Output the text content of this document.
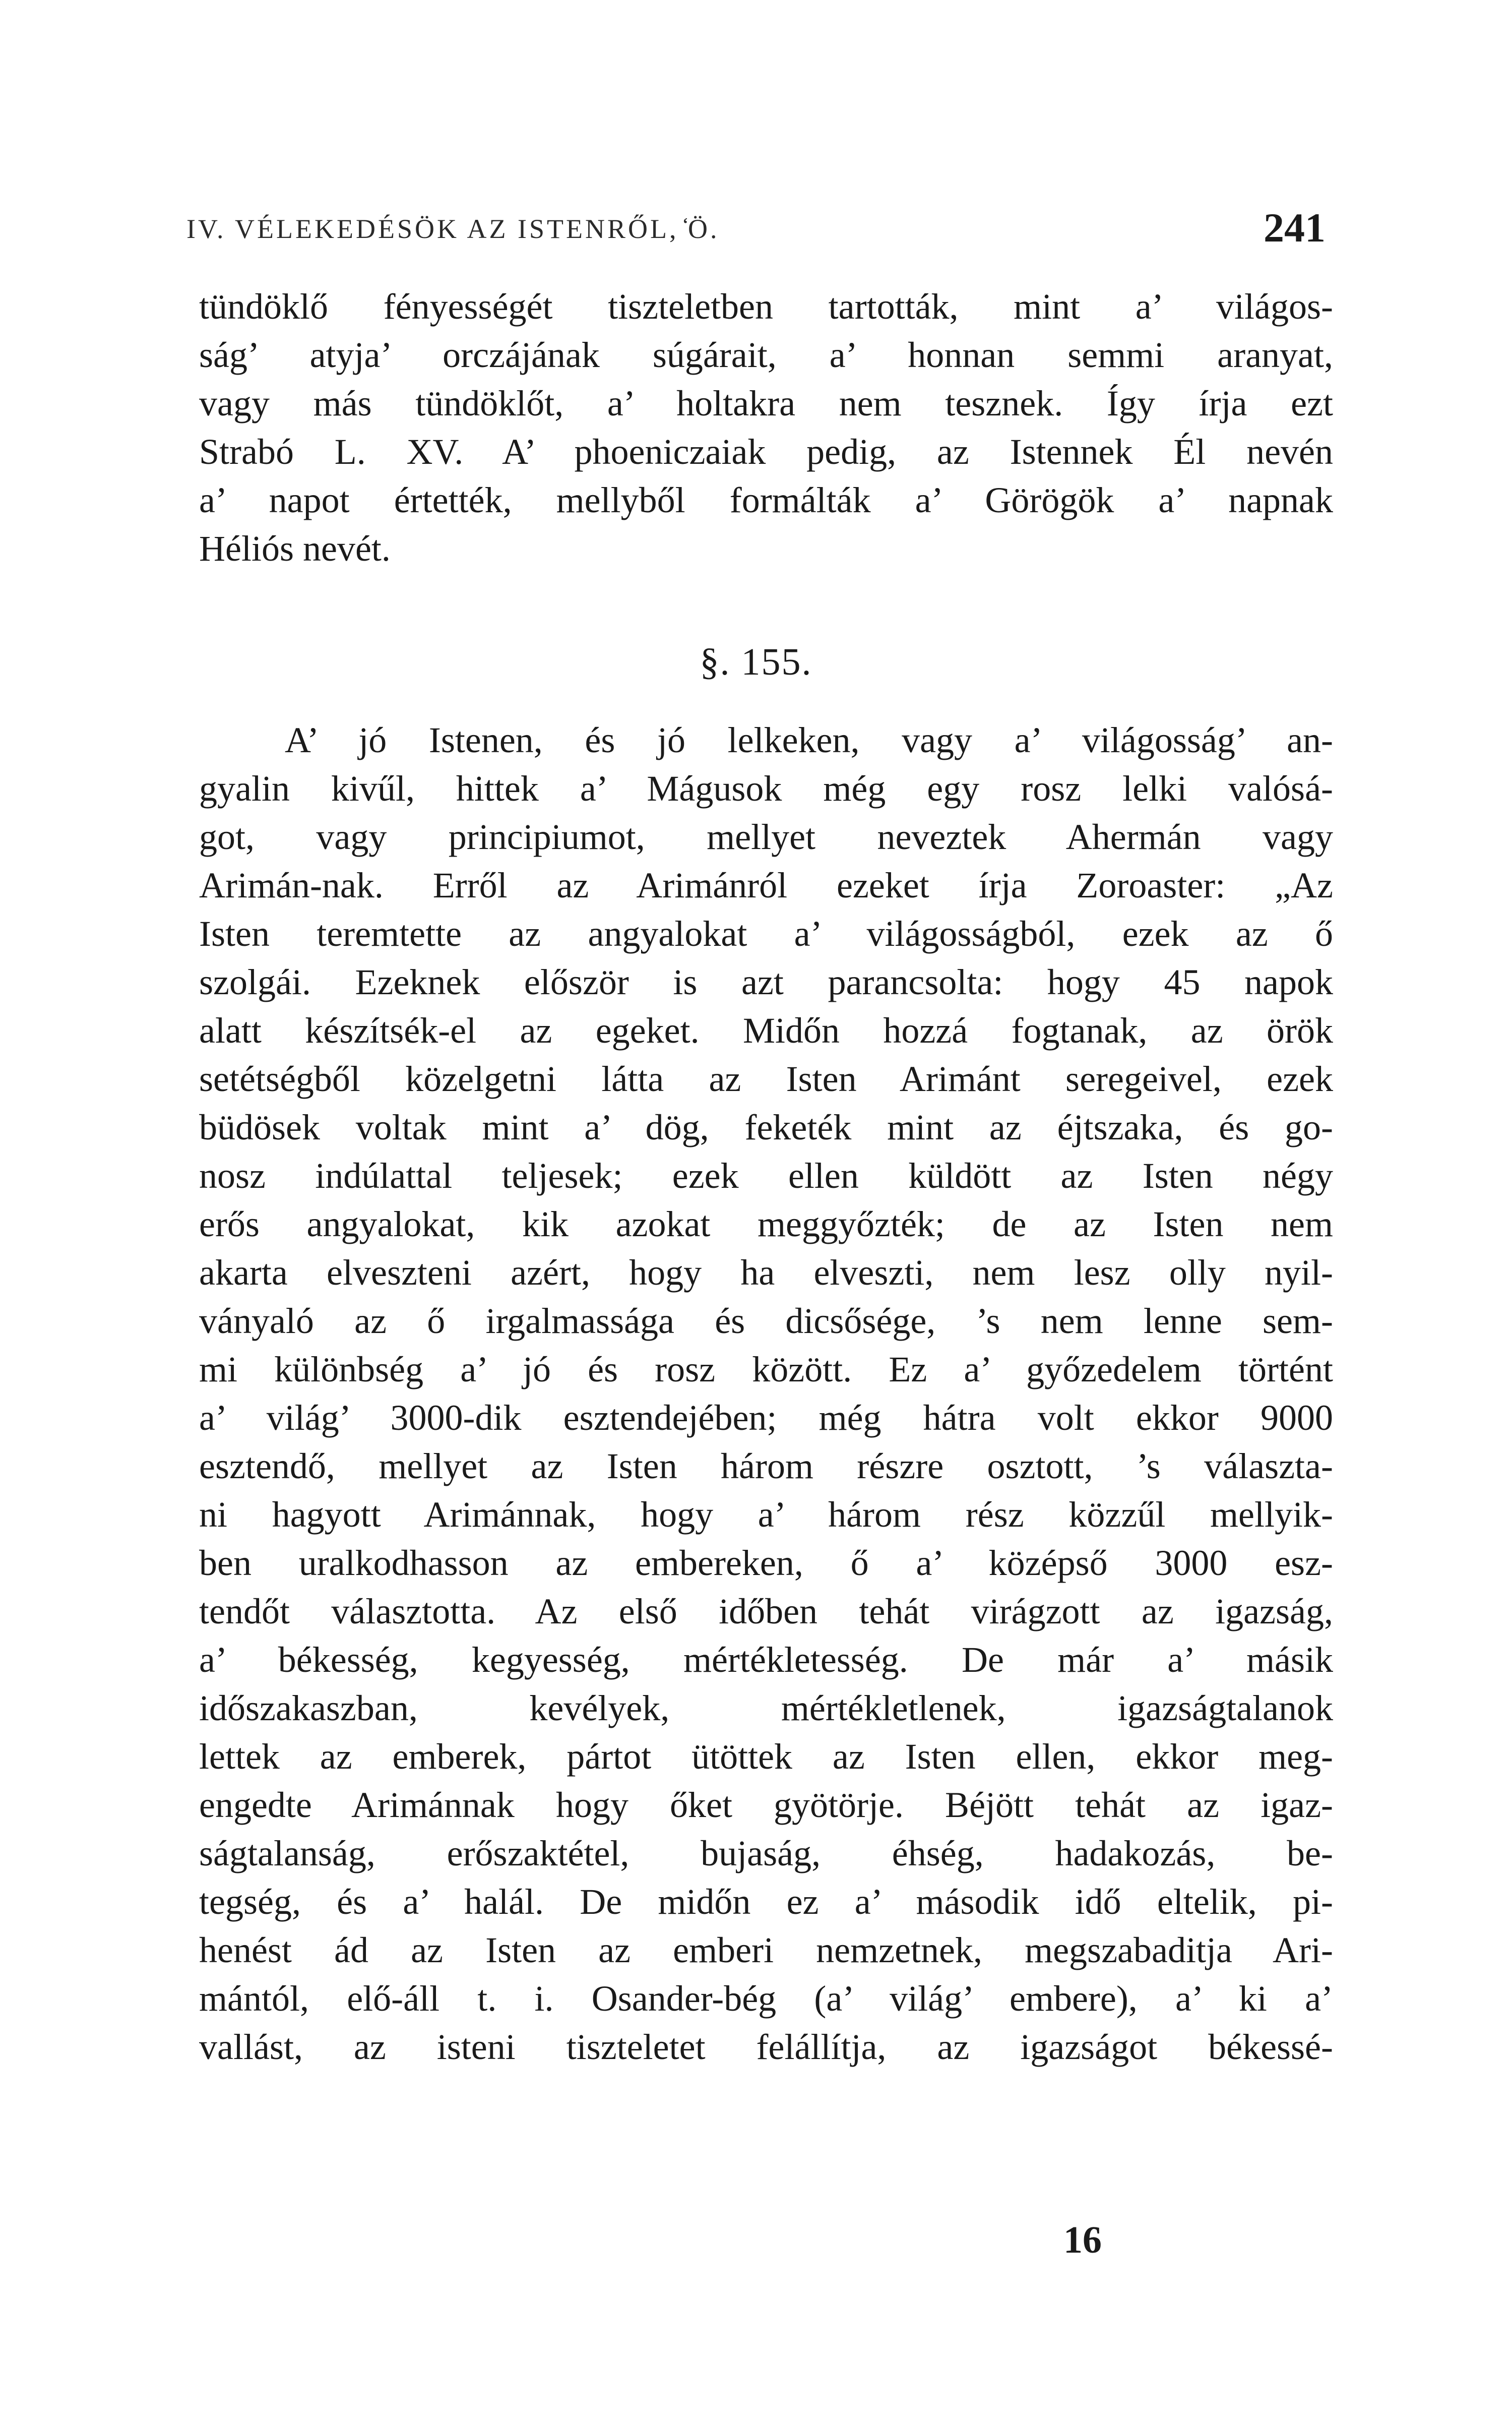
IV. VÉLEKEDÉSÖK AZ ISTENRŐL, ̒̒Ö.	241
tündöklő fényességét tiszteletben tartották, mint a’ világos-
ság’ atyja’ orczájának súgárait, a’ honnan semmi aranyat,
vagy más tündöklőt, a’ holtakra nem tesznek. Így írja ezt
Strabó L. XV. A’ phoeniczaiak pedig, az Istennek Él nevén
a’ napot értették, mellyből formálták a’ Görögök a’ napnak
Héliós nevét.
§. 155.
A’ jó Istenen, és jó lelkeken, vagy a’ világosság’ an-
gyalin kivűl, hittek a’ Mágusok még egy rosz lelki valósá-
got, vagy principiumot, mellyet neveztek Ahermán vagy
Arimán-nak. Erről az Arimánról ezeket írja Zoroaster: „Az
Isten teremtette az angyalokat a’ világosságból, ezek az ő
szolgái. Ezeknek először is azt parancsolta: hogy 45 napok
alatt készítsék-el az egeket. Midőn hozzá fogtanak, az örök
setétségből közelgetni látta az Isten Arimánt seregeivel, ezek
büdösek voltak mint a’ dög, feketék mint az éjtszaka, és go-
nosz indúlattal teljesek; ezek ellen küldött az Isten négy
erős angyalokat, kik azokat meggyőzték; de az Isten nem
akarta elveszteni azért, hogy ha elveszti, nem lesz olly nyil-
ványaló az ő irgalmassága és dicsősége, ’s nem lenne sem-
mi különbség a’ jó és rosz között. Ez a’ győzedelem történt
a’ világ’ 3000-dik esztendejében; még hátra volt ekkor 9000
esztendő, mellyet az Isten három részre osztott, ’s választa-
ni hagyott Arimánnak, hogy a’ három rész közzűl mellyik-
ben uralkodhasson az embereken, ő a’ középső 3000 esz-
tendőt választotta. Az első időben tehát virágzott az igazság,
a’ békesség, kegyesség, mértékletesség. De már a’ másik
időszakaszban, kevélyek, mértékletlenek, igazságtalanok
lettek az emberek, pártot ütöttek az Isten ellen, ekkor meg-
engedte Arimánnak hogy őket gyötörje. Béjött tehát az igaz-
ságtalanság, erőszaktétel, bujaság, éhség, hadakozás, be-
tegség, és a’ halál. De midőn ez a’ második idő eltelik, pi-
henést ád az Isten az emberi nemzetnek, megszabaditja Ari-
mántól, elő-áll t. i. Osander-bég (a’ világ’ embere), a’ ki a’
vallást, az isteni tiszteletet felállítja, az igazságot békessé-
16
